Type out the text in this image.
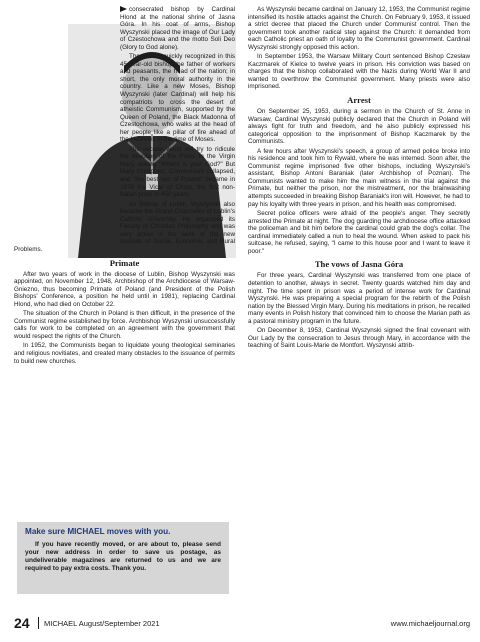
consecrated bishop by Cardinal Hlond at the national shrine of Jasna Góra. In his coat of arms, Bishop Wyszynski placed the image of Our Lady of Czestochowa and the motto Soli Deo (Glory to God alone).

The faithful quickly recognized in this 45-year-old bishop the father of workers and peasants, the head of the nation; in short, the only moral authority in the country. Like a new Moses, Bishop Wyszynski (later Cardinal) will help his compatriots to cross the desert of atheistic Communism, supported by the Queen of Poland, the Black Madonna of Czestochowa, who walks at the head of her people like a pillar of fire ahead of the Hebrews in the time of Moses.

The secular world will try to ridicule the devotion of the Poles to the Virgin Mary, asking "Where is your God?" But Mary triumphed, Communism collapsed, and "the best son of Poland" became in 1978 the Vicar of Christ, the first non-Italian pope in 450 years.

As Bishop of Lublin, Wyszynski also became the Grand Chancellor of Lublin's Catholic University. He organized its Faculty of Christian Philosophy and was very active in the work of the new Institute of Social, Economic and Rural Problems.

Primate

After two years of work in the diocese of Lublin, Bishop Wyszynski was appointed, on November 12, 1948, Archbishop of the Archdiocese of Warsaw-Gniezno, thus becoming Primate of Poland (and President of the Polish Bishops' Conference, a position he held until in 1981), replacing Cardinal Hlond, who had died on October 22.

The situation of the Church in Poland is then difficult, in the presence of the Communist regime established by force. Archbishop Wyszynski unsuccessfully calls for work to be completed on an agreement with the government that would respect the rights of the Church.

In 1952, the Communists began to liquidate young theological seminaries and religious novitiates, and created many obstacles to the issuance of permits to build new churches.

Make sure MICHAEL moves with you.
If you have recently moved, or are about to, please send your new address in order to save us postage, as undeliverable magazines are returned to us and we are required to pay extra costs. Thank you.

As Wyszynski became cardinal on January 12, 1953, the Communist regime intensified its hostile attacks against the Church. On February 9, 1953, it issued a strict decree that placed the Church under Communist control. Then the government took another radical step against the Church: it demanded from each Catholic priest an oath of loyalty to the Communist government. Cardinal Wyszynski strongly opposed this action.

In September 1953, the Warsaw Military Court sentenced Bishop Czesław Kaczmarek of Kielce to twelve years in prison. His conviction was based on charges that the bishop collaborated with the Nazis during World War II and wanted to overthrow the Communist government. Many priests were also imprisoned.

Arrest

On September 25, 1953, during a sermon in the Church of St. Anne in Warsaw, Cardinal Wyszynski publicly declared that the Church in Poland will always fight for truth and freedom, and he also publicly expressed his categorical opposition to the imprisonment of Bishop Kaczmarek by the Communists.

A few hours after Wyszynski's speech, a group of armed police broke into his residence and took him to Rywald, where he was interned. Soon after, the Communist regime imprisoned five other bishops, including Wyszynski's assistant, Bishop Antoni Baraniak (later Archbishop of Poznan). The Communists wanted to make him the main witness in the trial against the Primate, but neither the prison, nor the mistreatment, nor the brainwashing attempts succeeded in breaking Bishop Baraniak's iron will. However, he had to pay his loyalty with three years in prison, and his health was compromised.

Secret police officers were afraid of the people's anger. They secretly arrested the Primate at night. The dog guarding the archdiocese office attacked the policeman and bit him before the cardinal could grab the dog's collar. The cardinal immediately called a nun to heal the wound. When asked to pack his suitcase, he refused, saying, "I came to this house poor and I want to leave it poor."

The vows of Jasna Góra

For three years, Cardinal Wyszynski was transferred from one place of detention to another, always in secret. Twenty guards watched him day and night. The time spent in prison was a period of intense work for Cardinal Wyszynski. He was preparing a special program for the rebirth of the Polish nation by the Blessed Virgin Mary. During his meditations in prison, he recalled many events in Polish history that convinced him to choose the Marian path as a pastoral ministry program in the future.

On December 8, 1953, Cardinal Wyszynski signed the final covenant with Our Lady by the consecration to Jesus through Mary, in accordance with the teaching of Saint Louis-Marie de Montfort. Wyszynski attrib-

24 MICHAEL August/September 2021	www.michaeljournal.org
